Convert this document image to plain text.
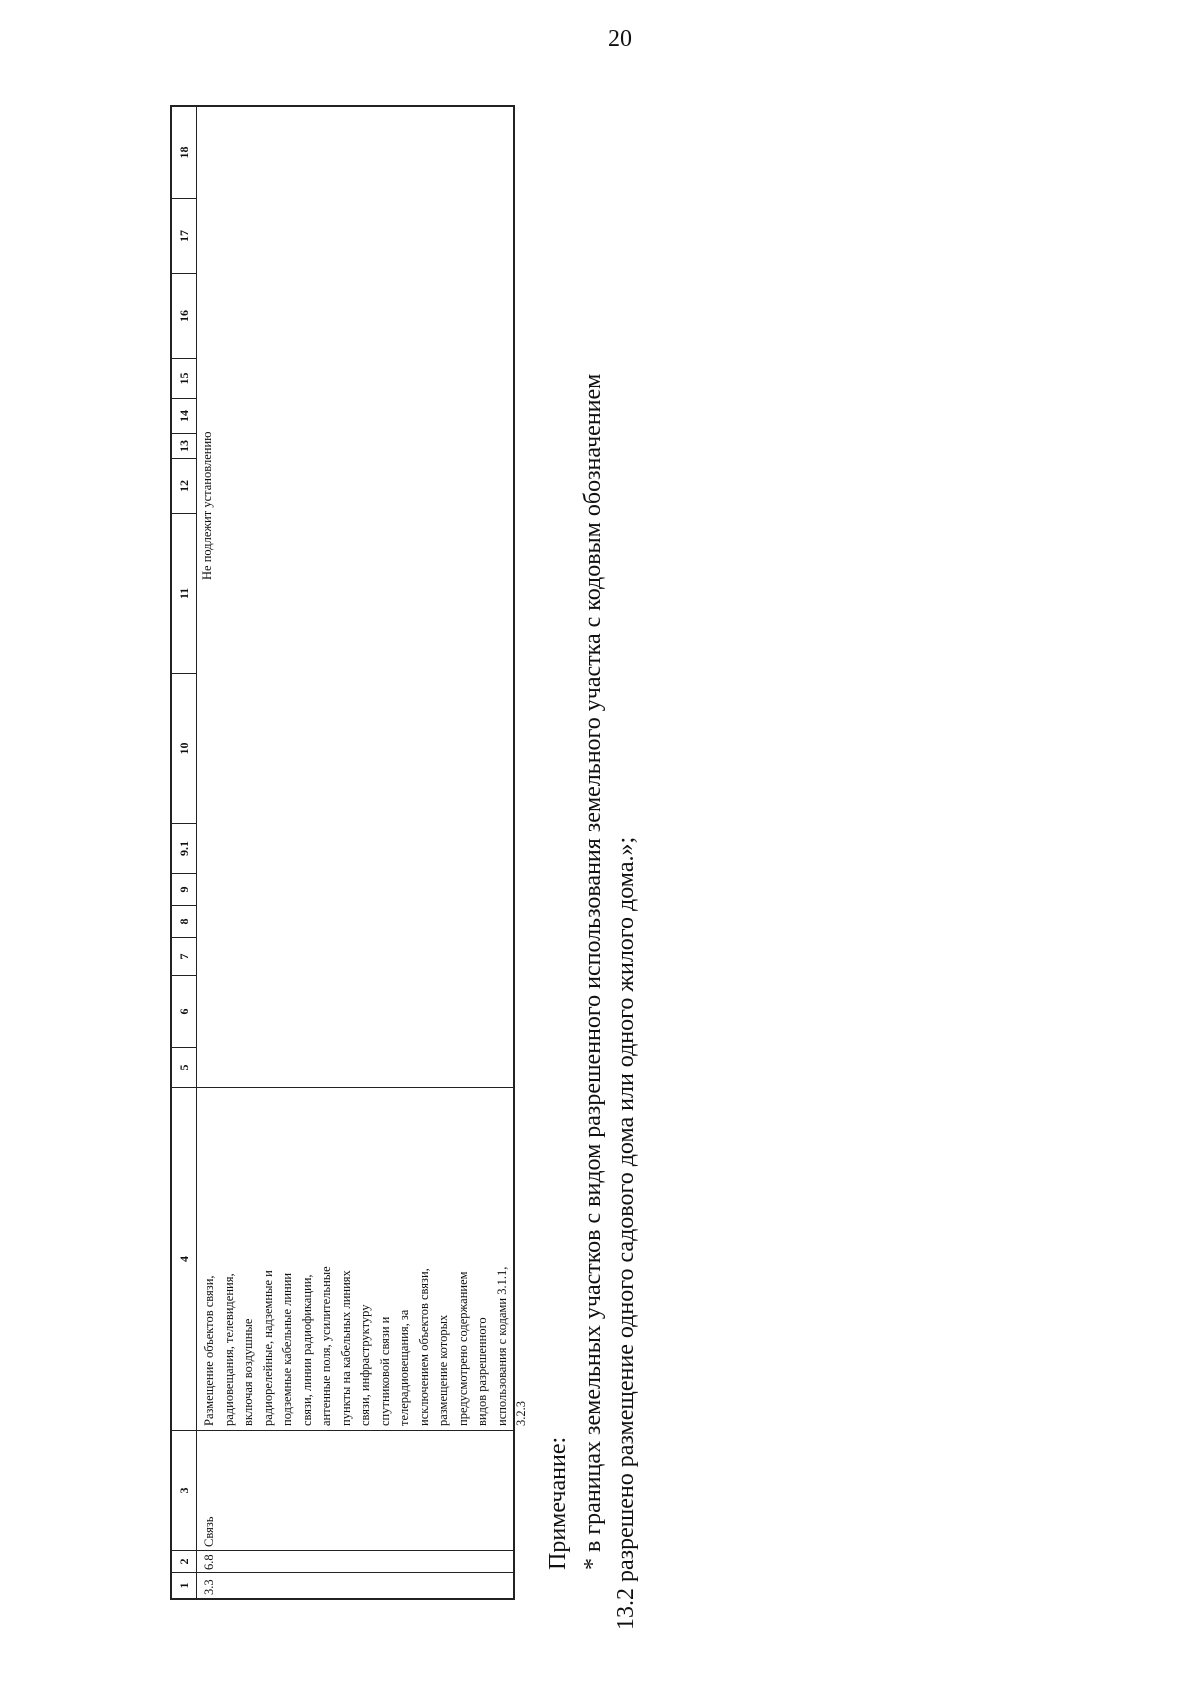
20
1
2
3
4
5
6
7
8
9
9.1
10
11
12
13
14
15
16
17
18
3.3
6.8
Связь
Размещение объектов связи, радиовещания, телевидения, включая воздушные радиорелейные, надземные и подземные кабельные линии связи, линии радиофикации, антенные поля, усилительные пункты на кабельных линиях связи, инфраструктуру спутниковой связи и телерадиовещания, за исключением объектов связи, размещение которых предусмотрено содержанием видов разрешенного использования с кодами 3.1.1, 3.2.3
Не подлежит установлению
Примечание: * в границах земельных участков с видом разрешенного использования земельного участка с кодовым обозначением 13.2 разрешено размещение одного садового дома или одного жилого дома.»;
